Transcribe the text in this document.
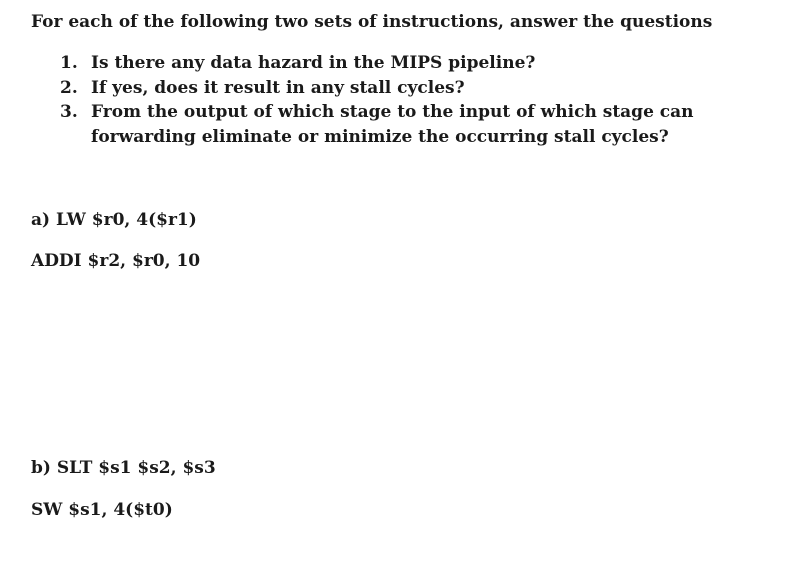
For each of the following two sets of instructions, answer the questions

1. Is there any data hazard in the MIPS pipeline?
2. If yes, does it result in any stall cycles?
3. From the output of which stage to the input of which stage can forwarding eliminate or minimize the occurring stall cycles?

a) LW $r0, 4($r1)

ADDI $r2, $r0, 10

b) SLT $s1 $s2, $s3

SW $s1, 4($t0)
